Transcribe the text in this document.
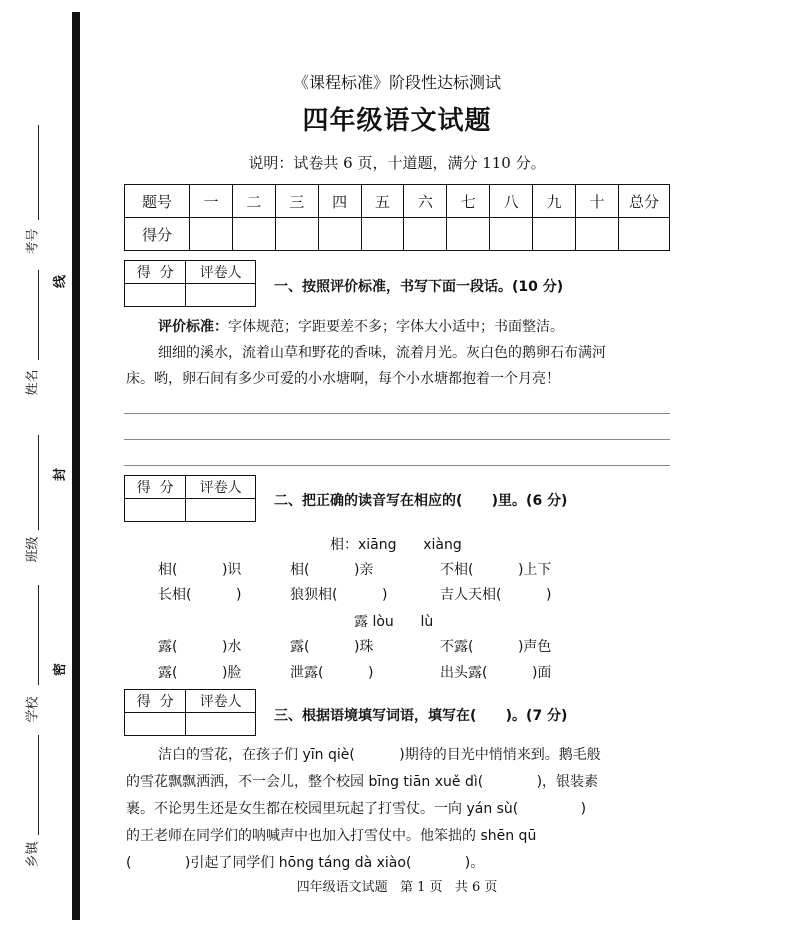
考号
姓名
班级
学校
乡镇
线
封
密
《课程标准》阶段性达标测试
四年级语文试题
说明：试卷共 6 页，十道题，满分 110 分。
题号	一	二	三	四	五	六	七	八	九	十	总分
得分											
得  分	评卷人

一、按照评价标准，书写下面一段话。(10 分)
评价标准：字体规范；字距要差不多；字体大小适中；书面整洁。
细细的溪水，流着山草和野花的香味，流着月光。灰白色的鹅卵石布满河
床。哟，卵石间有多少可爱的小水塘啊，每个小水塘都抱着一个月亮！
得  分	评卷人

二、把正确的读音写在相应的(      )里。(6 分)
相：xiāng      xiàng
相(          )识	相(          )亲	不相(          )上下
长相(          )	狼狈相(          )	吉人天相(          )
露 lòu      lù
露(          )水	露(          )珠	不露(          )声色
露(          )脸	泄露(          )	出头露(          )面
得  分	评卷人

三、根据语境填写词语，填写在(      )。(7 分)
洁白的雪花，在孩子们 yīn qiè(          )期待的目光中悄悄来到。鹅毛般
的雪花飘飘洒洒，不一会儿，整个校园 bīng tiān xuě dì(            )，银装素
裹。不论男生还是女生都在校园里玩起了打雪仗。一向 yán sù(              )
的王老师在同学们的呐喊声中也加入打雪仗中。他笨拙的 shēn qū
(            )引起了同学们 hōng táng dà xiào(            )。
四年级语文试题   第 1 页   共 6 页
